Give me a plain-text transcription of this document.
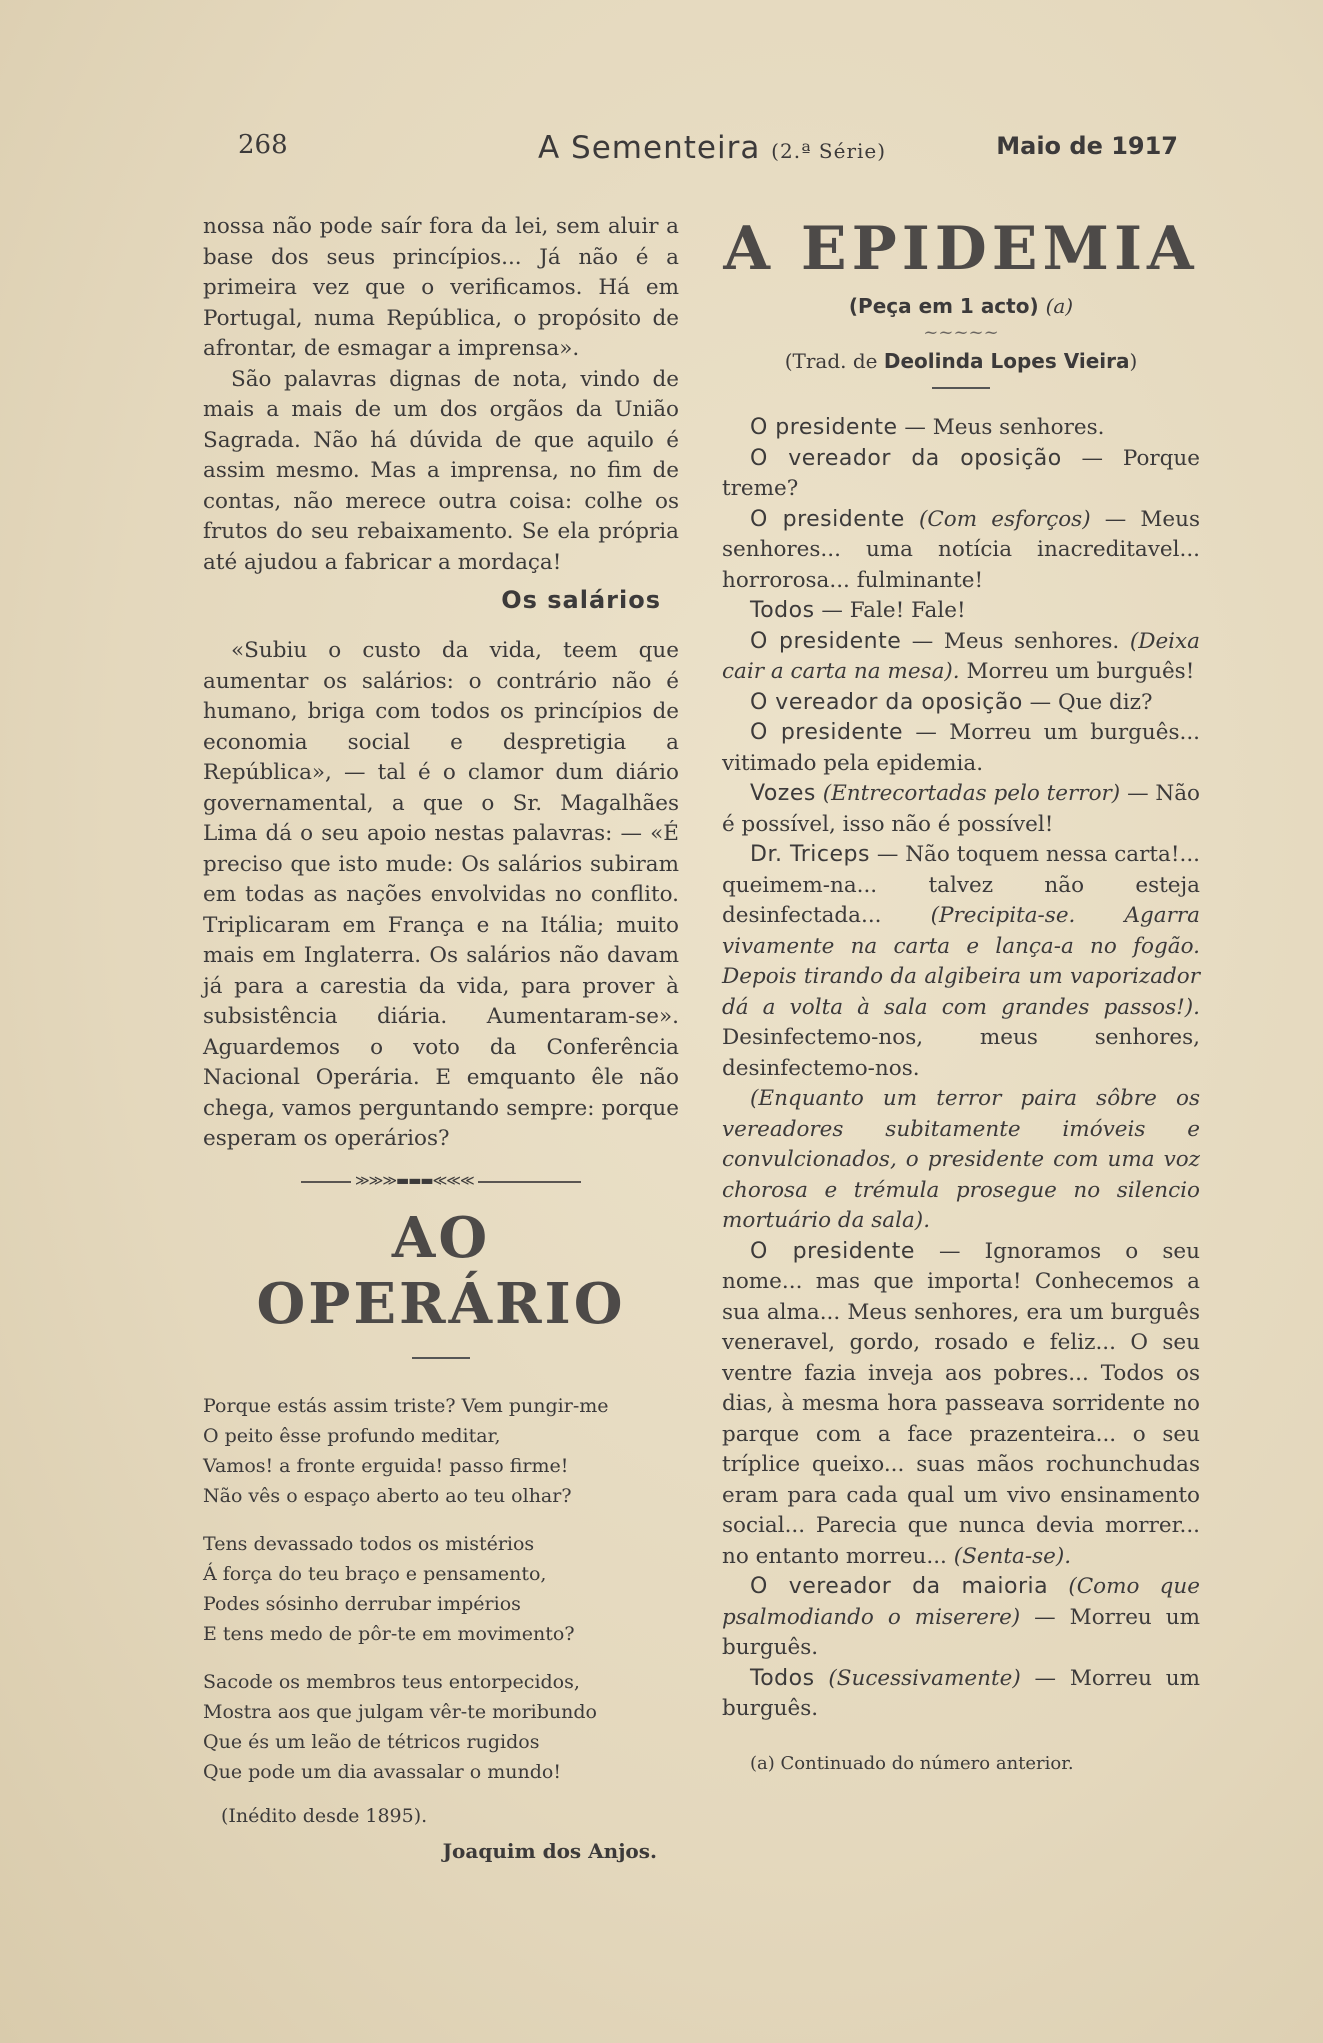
268	A Sementeira (2.ª Série)	Maio de 1917

nossa não pode saír fora da lei, sem aluir a base dos seus princípios... Já não é a primeira vez que o verificamos. Há em Portugal, numa República, o propósito de afrontar, de esmagar a imprensa».

São palavras dignas de nota, vindo de mais a mais de um dos orgãos da União Sagrada. Não há dúvida de que aquilo é assim mesmo. Mas a imprensa, no fim de contas, não merece outra coisa: colhe os frutos do seu rebaixamento. Se ela própria até ajudou a fabricar a mordaça!

Os salários

«Subiu o custo da vida, teem que aumentar os salários: o contrário não é humano, briga com todos os princípios de economia social e despretigia a República», — tal é o clamor dum diário governamental, a que o Sr. Magalhães Lima dá o seu apoio nestas palavras: — «É preciso que isto mude: Os salários subiram em todas as nações envolvidas no conflito. Triplicaram em França e na Itália; muito mais em Inglaterra. Os salários não davam já para a carestia da vida, para prover à subsistência diária. Aumentaram-se». Aguardemos o voto da Conferência Nacional Operária. E emquanto êle não chega, vamos perguntando sempre: porque esperam os operários?

≫≫≫▬▬▬≪≪≪
AO OPERÁRIO
Porque estás assim triste? Vem pungir-me
O peito êsse profundo meditar,
Vamos! a fronte erguida! passo firme!
Não vês o espaço aberto ao teu olhar?
Tens devassado todos os mistérios
Á força do teu braço e pensamento,
Podes sósinho derrubar impérios
E tens medo de pôr-te em movimento?
Sacode os membros teus entorpecidos,
Mostra aos que julgam vêr-te moribundo
Que és um leão de tétricos rugidos
Que pode um dia avassalar o mundo!
(Inédito desde 1895).
Joaquim dos Anjos.
A EPIDEMIA
(Peça em 1 acto) (a)
~~~~~
(Trad. de Deolinda Lopes Vieira)

O presidente — Meus senhores.

O vereador da oposição — Porque treme?

O presidente (Com esforços) — Meus senhores... uma notícia inacreditavel... horrorosa... fulminante!

Todos — Fale! Fale!

O presidente — Meus senhores. (Deixa cair a carta na mesa). Morreu um burguês!

O vereador da oposição — Que diz?

O presidente — Morreu um burguês... vitimado pela epidemia.

Vozes (Entrecortadas pelo terror) — Não é possível, isso não é possível!

Dr. Triceps — Não toquem nessa carta!... queimem-na... talvez não esteja desinfectada... (Precipita-se. Agarra vivamente na carta e lança-a no fogão. Depois tirando da algibeira um vaporizador dá a volta à sala com grandes passos!). Desinfectemo-nos, meus senhores, desinfectemo-nos.

(Enquanto um terror paira sôbre os vereadores subitamente imóveis e convulcionados, o presidente com uma voz chorosa e trémula prosegue no silencio mortuário da sala).

O presidente — Ignoramos o seu nome... mas que importa! Conhecemos a sua alma... Meus senhores, era um burguês veneravel, gordo, rosado e feliz... O seu ventre fazia inveja aos pobres... Todos os dias, à mesma hora passeava sorridente no parque com a face prazenteira... o seu tríplice queixo... suas mãos rochunchudas eram para cada qual um vivo ensinamento social... Parecia que nunca devia morrer... no entanto morreu... (Senta-se).

O vereador da maioria (Como que psalmodiando o miserere) — Morreu um burguês.

Todos (Sucessivamente) — Morreu um burguês.

(a) Continuado do número anterior.
